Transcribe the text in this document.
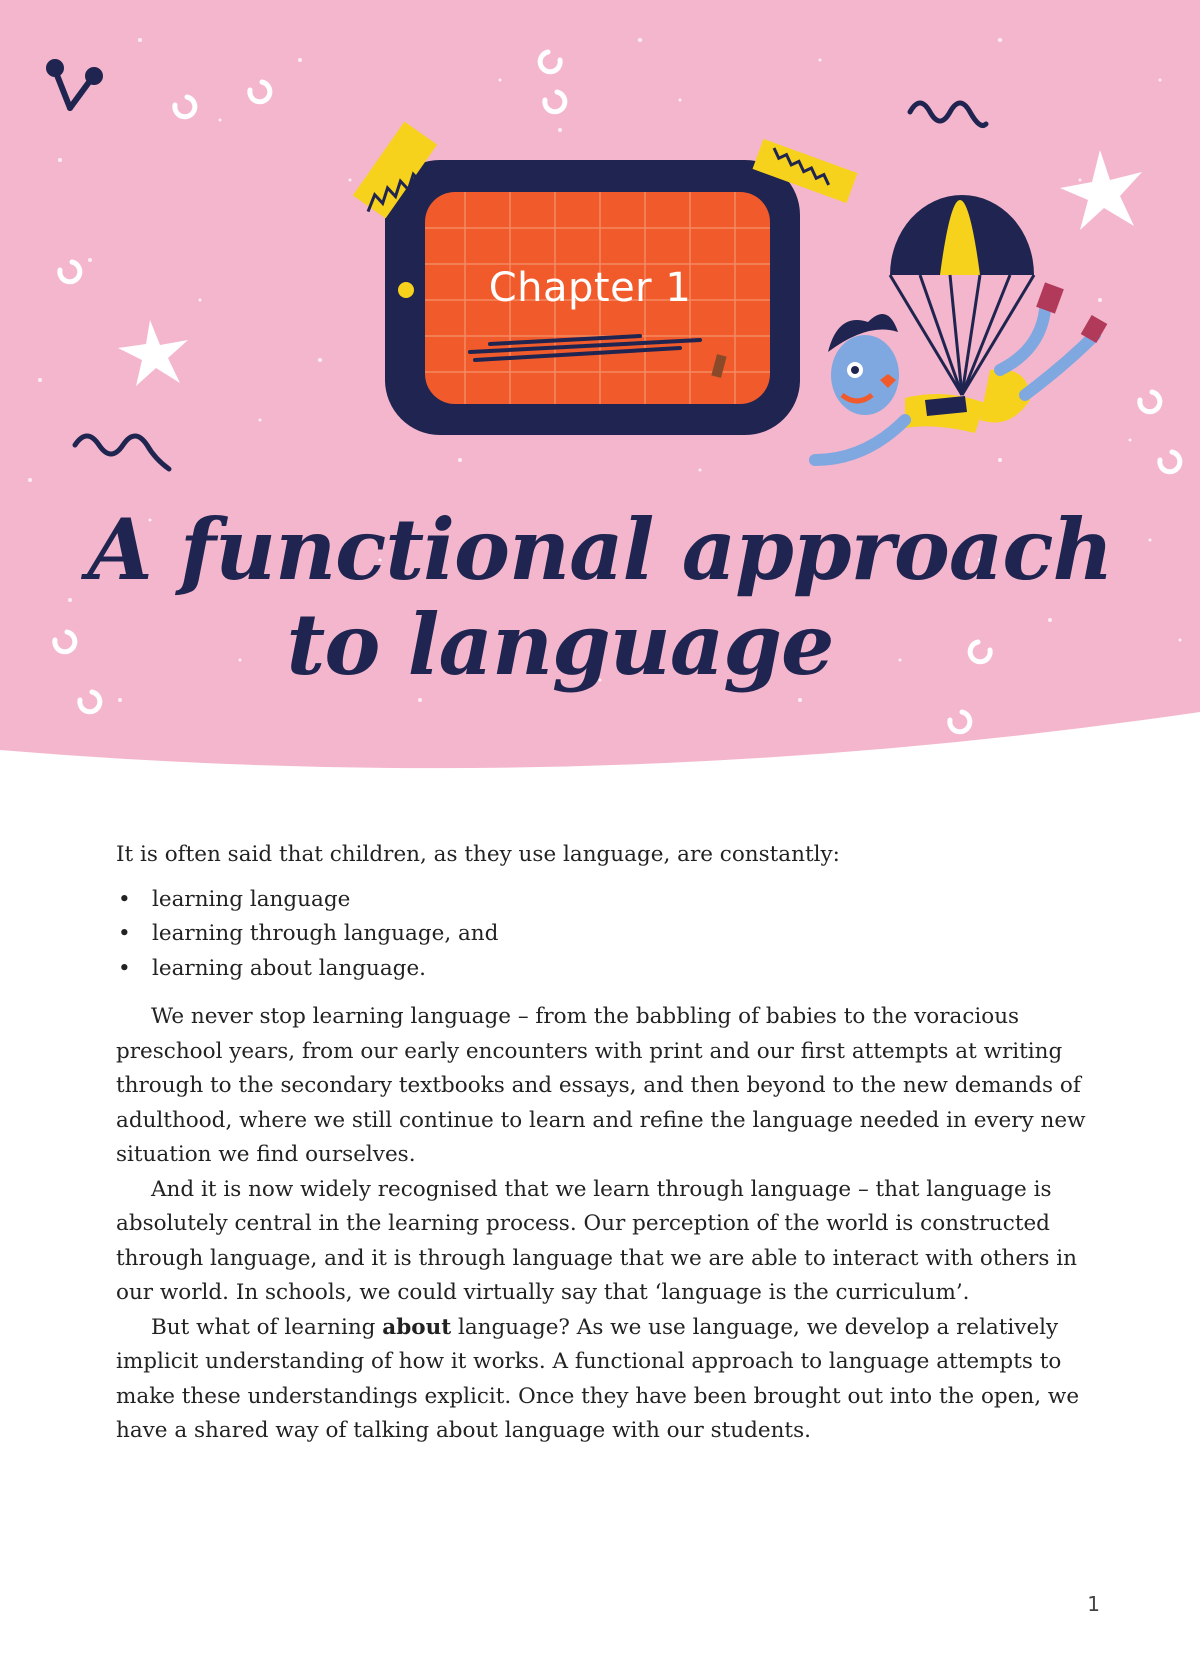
Chapter 1
A functional approach
to language

It is often said that children, as they use language, are constantly:

• learning language
• learning through language, and
• learning about language.

We never stop learning language – from the babbling of babies to the voracious preschool years, from our early encounters with print and our first attempts at writing through to the secondary textbooks and essays, and then beyond to the new demands of adulthood, where we still continue to learn and refine the language needed in every new situation we find ourselves.

And it is now widely recognised that we learn through language – that language is absolutely central in the learning process. Our perception of the world is constructed through language, and it is through language that we are able to interact with others in our world. In schools, we could virtually say that ‘language is the curriculum’.

But what of learning about language? As we use language, we develop a relatively implicit understanding of how it works. A functional approach to language attempts to make these understandings explicit. Once they have been brought out into the open, we have a shared way of talking about language with our students.

1
